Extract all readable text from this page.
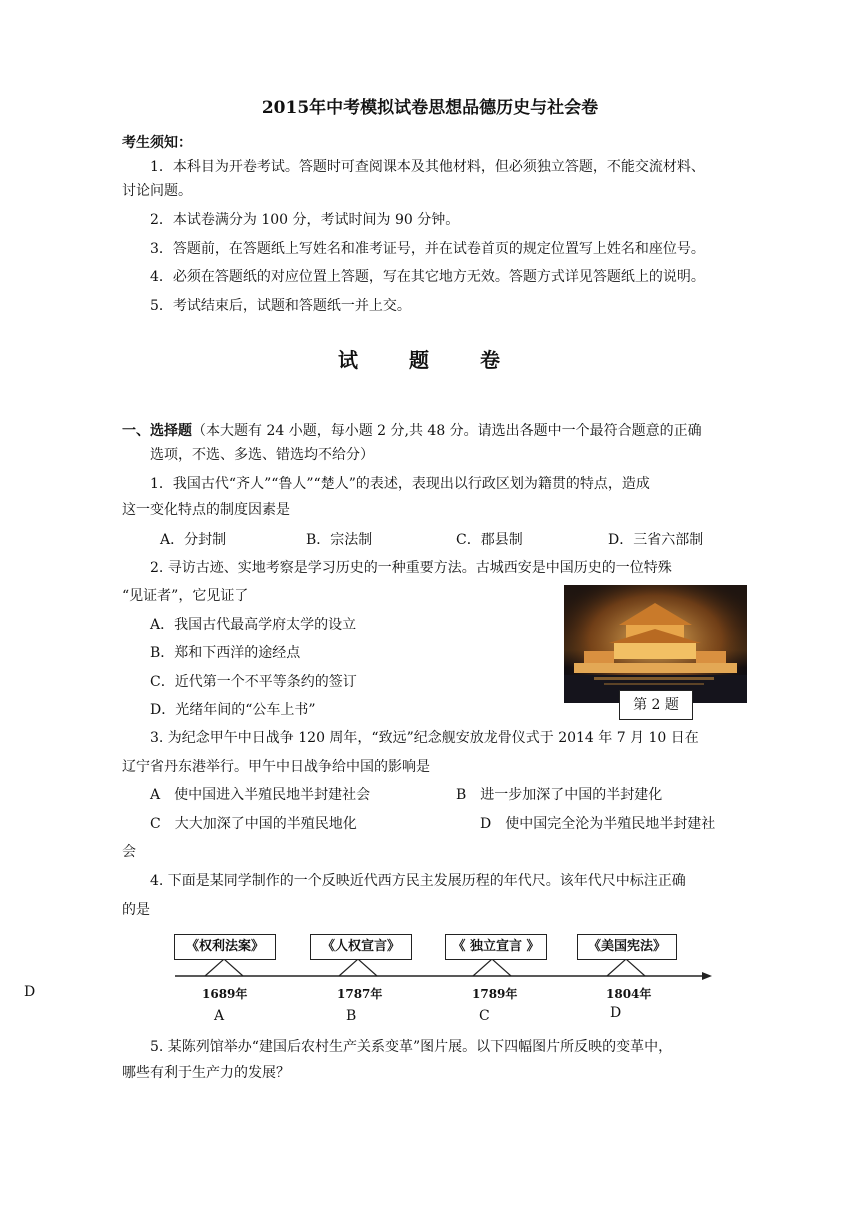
2015年中考模拟试卷思想品德历史与社会卷
考生须知：
1．本科目为开卷考试。答题时可查阅课本及其他材料，但必须独立答题，不能交流材料、
讨论问题。
2．本试卷满分为 100 分，考试时间为 90 分钟。
3．答题前，在答题纸上写姓名和准考证号，并在试卷首页的规定位置写上姓名和座位号。
4．必须在答题纸的对应位置上答题，写在其它地方无效。答题方式详见答题纸上的说明。
5．考试结束后，试题和答题纸一并上交。
试 题 卷
一、选择题（本大题有 24 小题，每小题 2 分,共 48 分。请选出各题中一个最符合题意的正确
选项，不选、多选、错选均不给分）
1．我国古代“齐人”“鲁人”“楚人”的表述，表现出以行政区划为籍贯的特点，造成
这一变化特点的制度因素是
A．分封制	B．宗法制	C．郡县制	D．三省六部制
2. 寻访古迹、实地考察是学习历史的一种重要方法。古城西安是中国历史的一位特殊
“见证者”，它见证了
A．我国古代最高学府太学的设立
B．郑和下西洋的途经点
C．近代第一个不平等条约的签订
D．光绪年间的“公车上书”	第 2 题
3. 为纪念甲午中日战争 120 周年，“致远”纪念舰安放龙骨仪式于 2014 年 7 月 10 日在
辽宁省丹东港举行。甲午中日战争给中国的影响是
A　使中国进入半殖民地半封建社会	B　进一步加深了中国的半封建化
C　大大加深了中国的半殖民地化	D　使中国完全沦为半殖民地半封建社
会
4. 下面是某同学制作的一个反映近代西方民主发展历程的年代尺。该年代尺中标注正确
的是
《权利法案》	《人权宣言》	《 独立宣言 》	《美国宪法》
1689年	1787年	1789年	1804年
A	B	C	D
D
5. 某陈列馆举办“建国后农村生产关系变革”图片展。以下四幅图片所反映的变革中，
哪些有利于生产力的发展？
